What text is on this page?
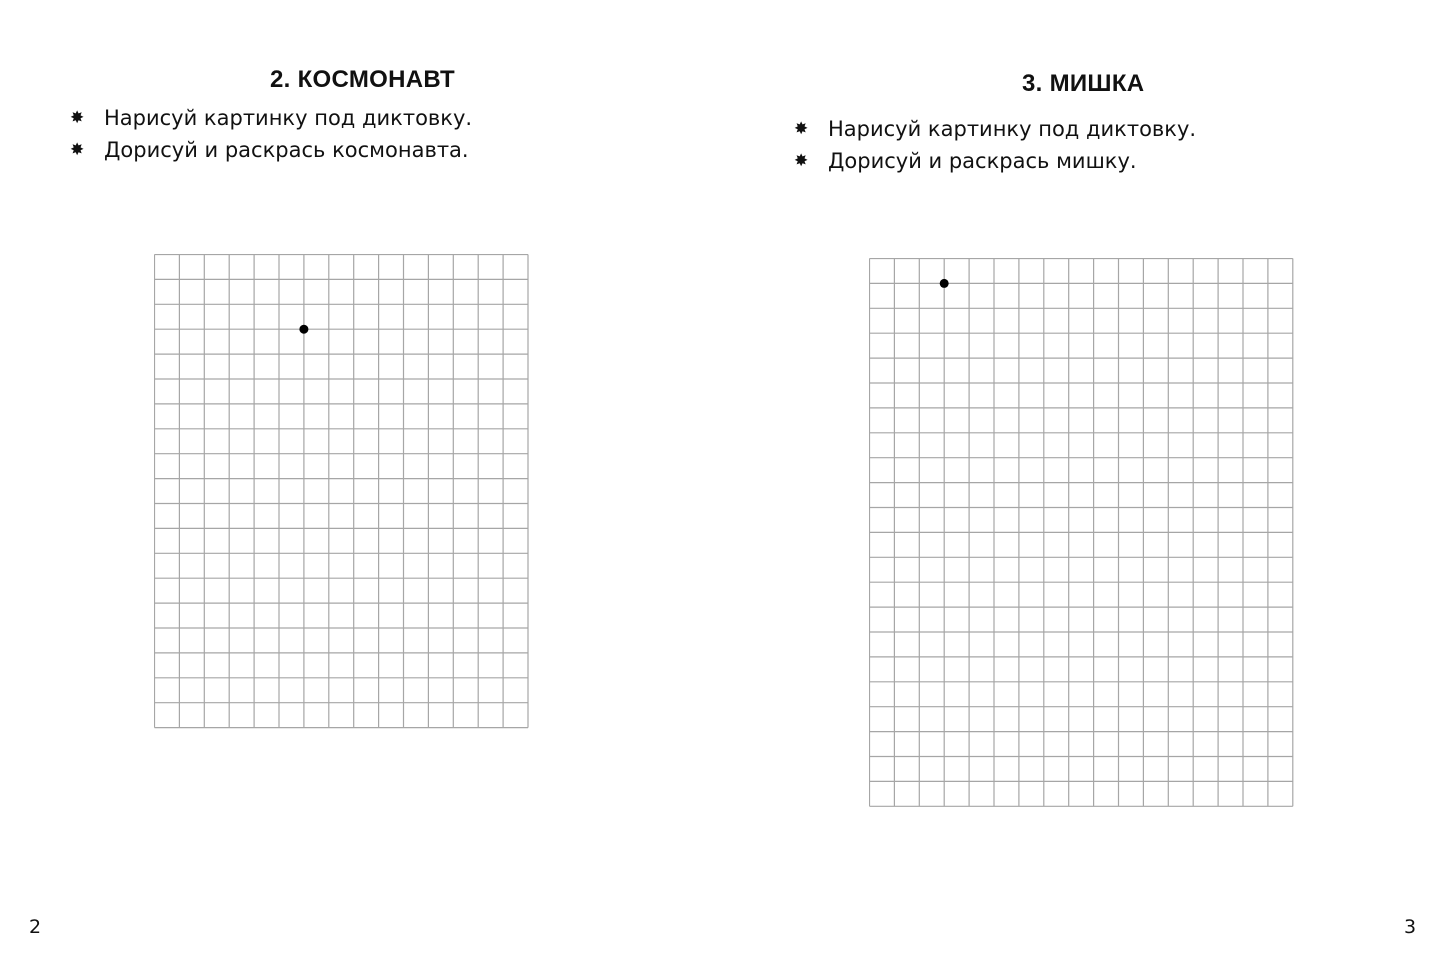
2. КОСМОНАВТ
✸ Нарисуй картинку под диктовку.
✸ Дорисуй и раскрась космонавта.
2
3. МИШКА
✸ Нарисуй картинку под диктовку.
✸ Дорисуй и раскрась мишку.
3
